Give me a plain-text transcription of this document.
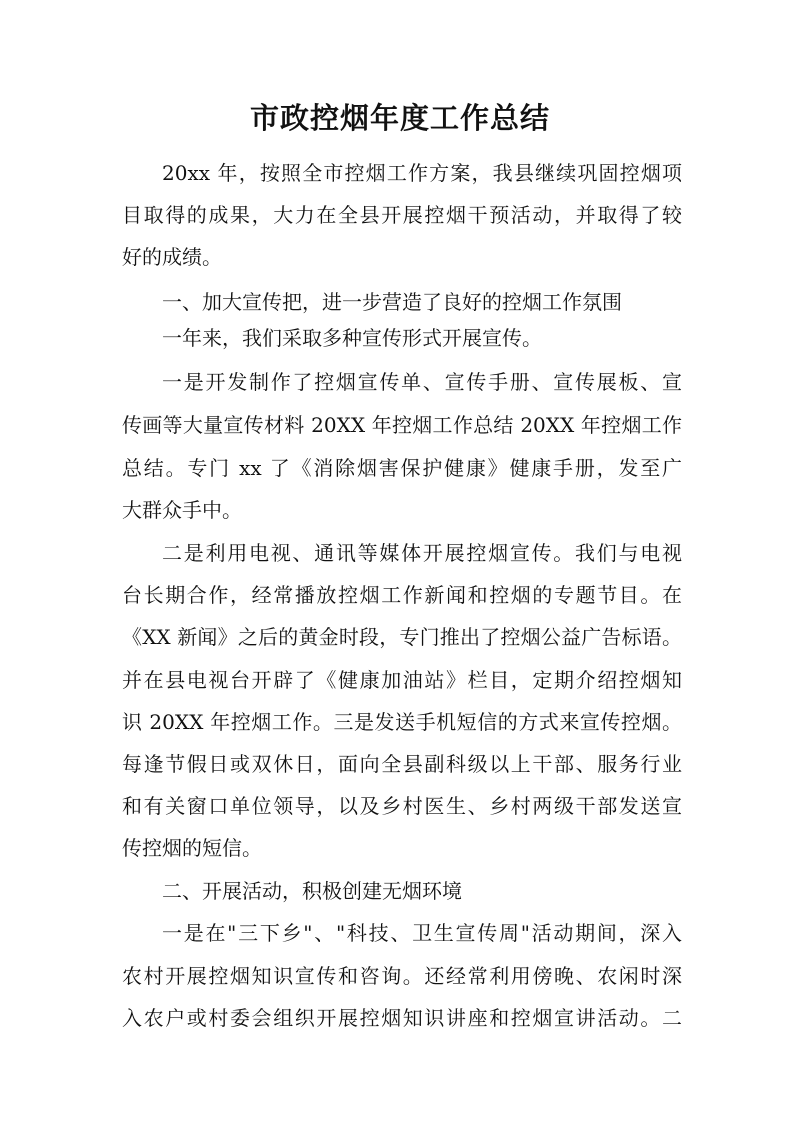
市政控烟年度工作总结
20xx 年，按照全市控烟工作方案，我县继续巩固控烟项
目取得的成果，大力在全县开展控烟干预活动，并取得了较
好的成绩。
一、加大宣传把，进一步营造了良好的控烟工作氛围
一年来，我们采取多种宣传形式开展宣传。
一是开发制作了控烟宣传单、宣传手册、宣传展板、宣
传画等大量宣传材料 20XX 年控烟工作总结 20XX 年控烟工作
总结。专门 xx 了《消除烟害保护健康》健康手册，发至广
大群众手中。
二是利用电视、通讯等媒体开展控烟宣传。我们与电视
台长期合作，经常播放控烟工作新闻和控烟的专题节目。在
《XX 新闻》之后的黄金时段，专门推出了控烟公益广告标语。
并在县电视台开辟了《健康加油站》栏目，定期介绍控烟知
识 20XX 年控烟工作。三是发送手机短信的方式来宣传控烟。
每逢节假日或双休日，面向全县副科级以上干部、服务行业
和有关窗口单位领导，以及乡村医生、乡村两级干部发送宣
传控烟的短信。
二、开展活动，积极创建无烟环境
一是在"三下乡"、"科技、卫生宣传周"活动期间，深入
农村开展控烟知识宣传和咨询。还经常利用傍晚、农闲时深
入农户或村委会组织开展控烟知识讲座和控烟宣讲活动。二
